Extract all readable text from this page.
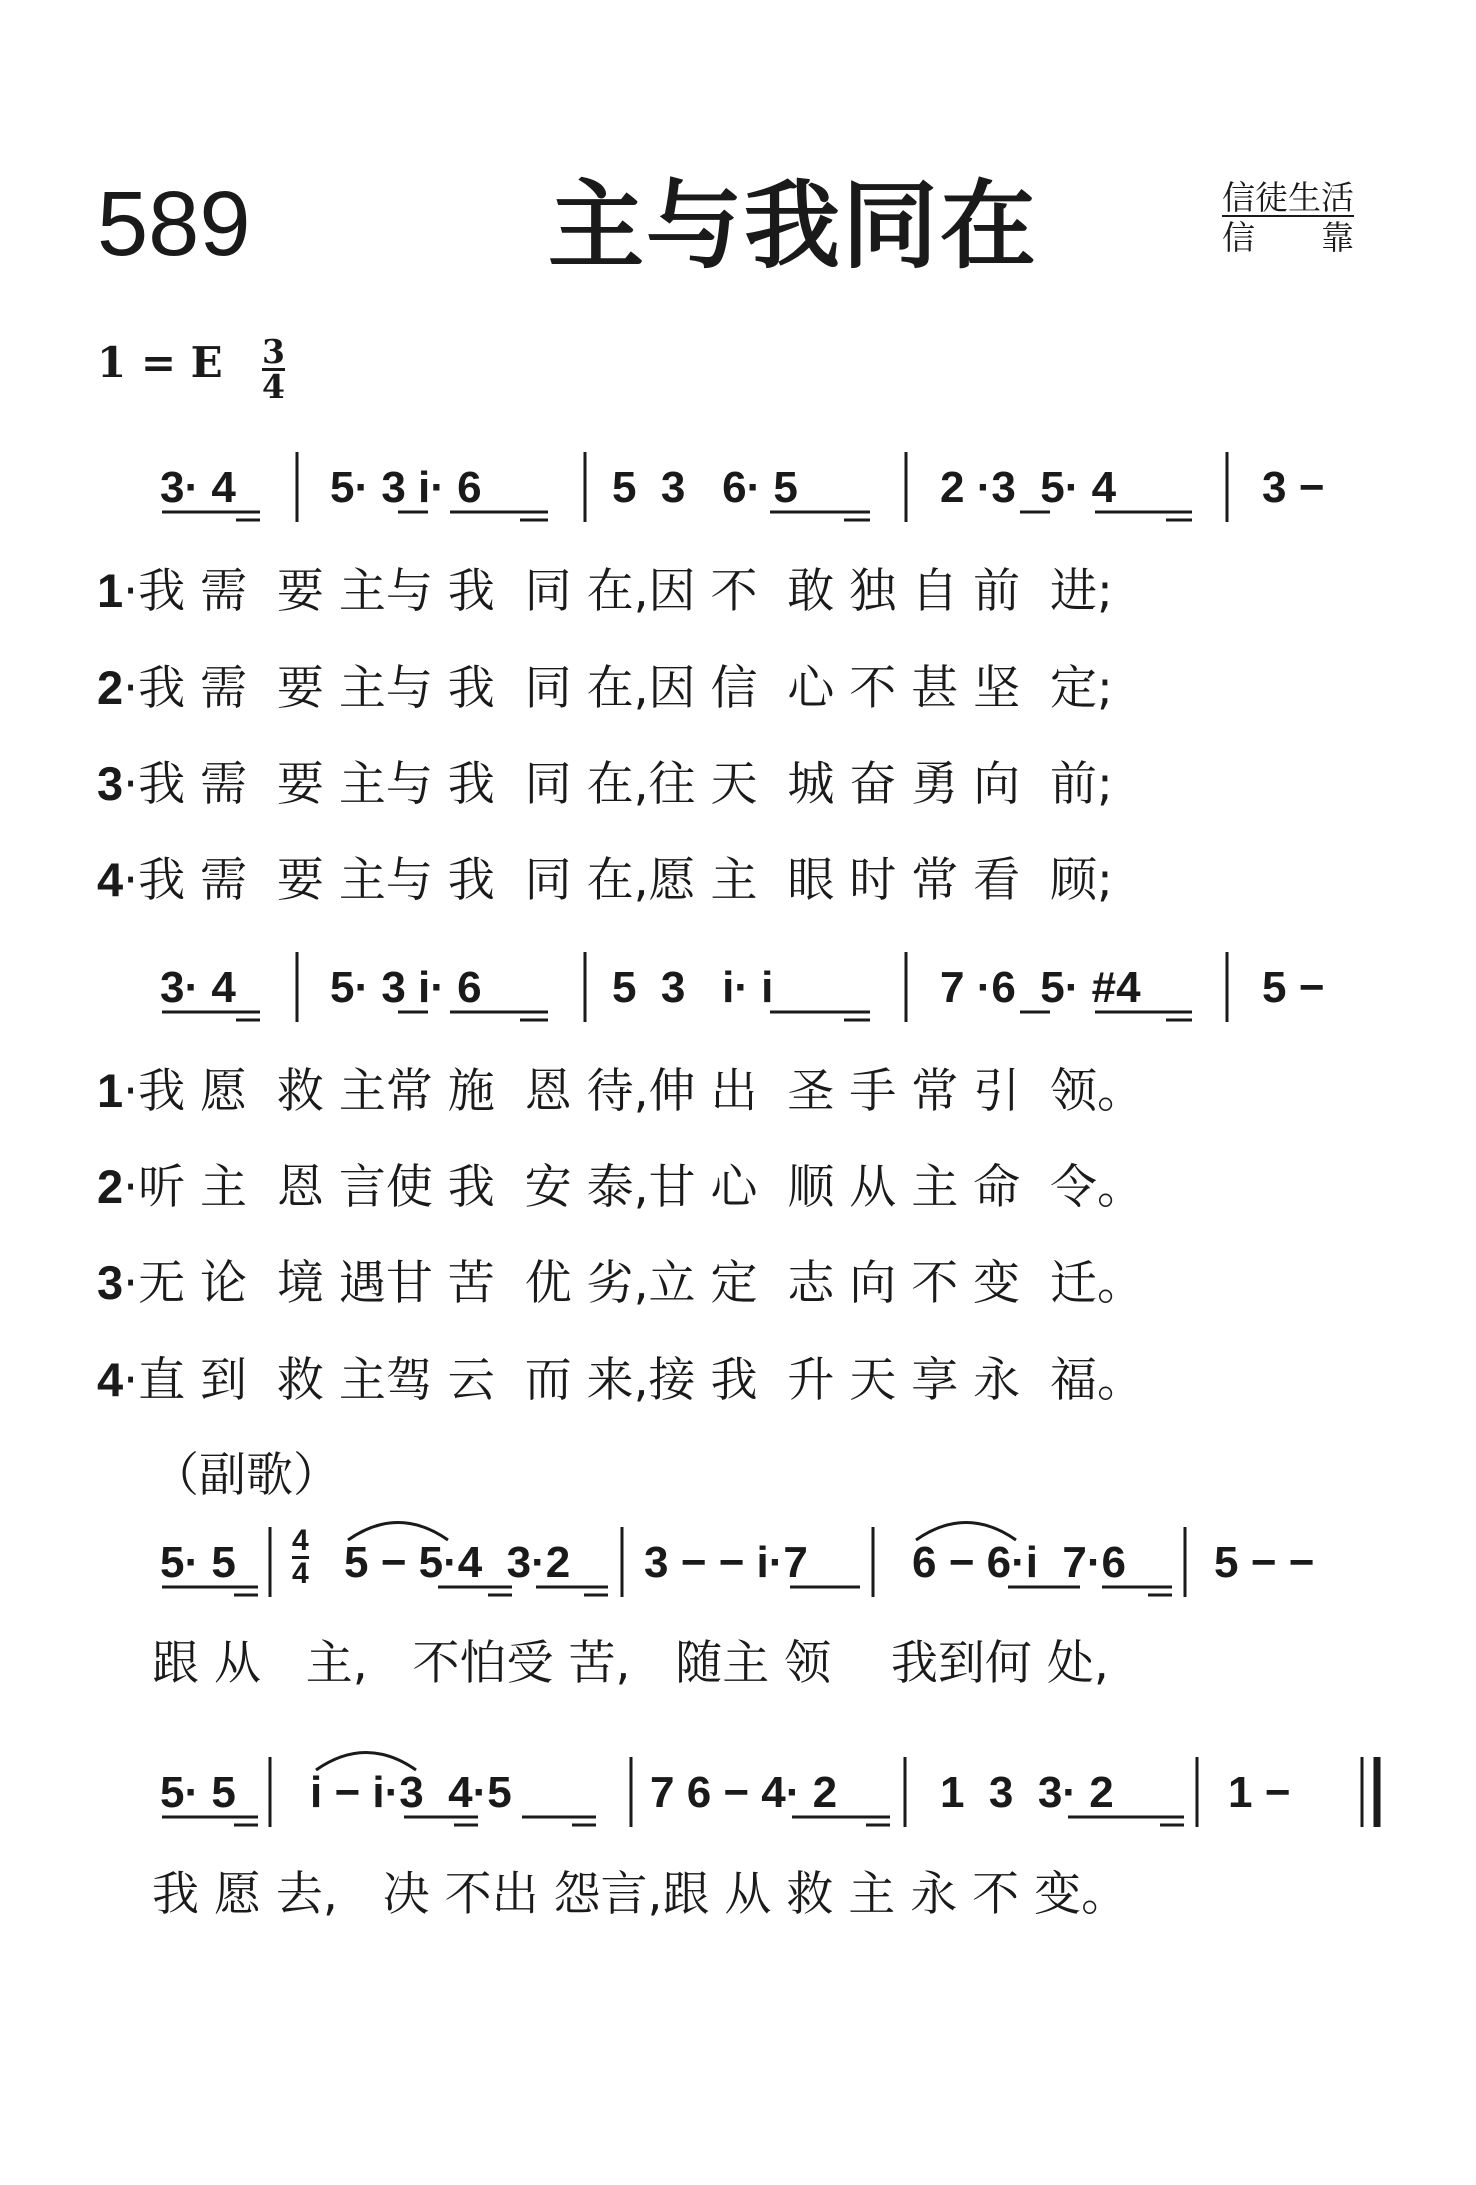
589	主与我同在	信徒生活
信　　靠
1 = E 3
4
3· 4 5· 3 i· 6	5  3   6· 5	2 ·3  5· 4	3 −
1·我 需  要 主与 我  同 在,因 不  敢 独 自 前  进;
2·我 需  要 主与 我  同 在,因 信  心 不 甚 坚  定;
3·我 需  要 主与 我  同 在,往 天  城 奋 勇 向  前;
4·我 需  要 主与 我  同 在,愿 主  眼 时 常 看  顾;
3· 4 5· 3 i· 6	5  3   i· i	7 ·6  5· #4	5 −
1·我 愿  救 主常 施  恩 待,伸 出  圣 手 常 引  领。
2·听 主  恩 言使 我  安 泰,甘 心  顺 从 主 命  令。
3·无 论  境 遇甘 苦  优 劣,立 定  志 向 不 变  迁。
4·直 到  救 主驾 云  而 来,接 我  升 天 享 永  福。
（副歌）
5· 5 4
4 5 − 5·4  3·2 3 − − i·7 6 − 6·i  7·6 5 − −
跟 从   主,   不怕受 苦,   随主 领    我到何 处,
5· 5 i − i·3  4·5	7 6 − 4· 2 1  3  3· 2	1 −
我 愿 去,   决 不出 怨言,跟 从 救 主 永 不 变。
